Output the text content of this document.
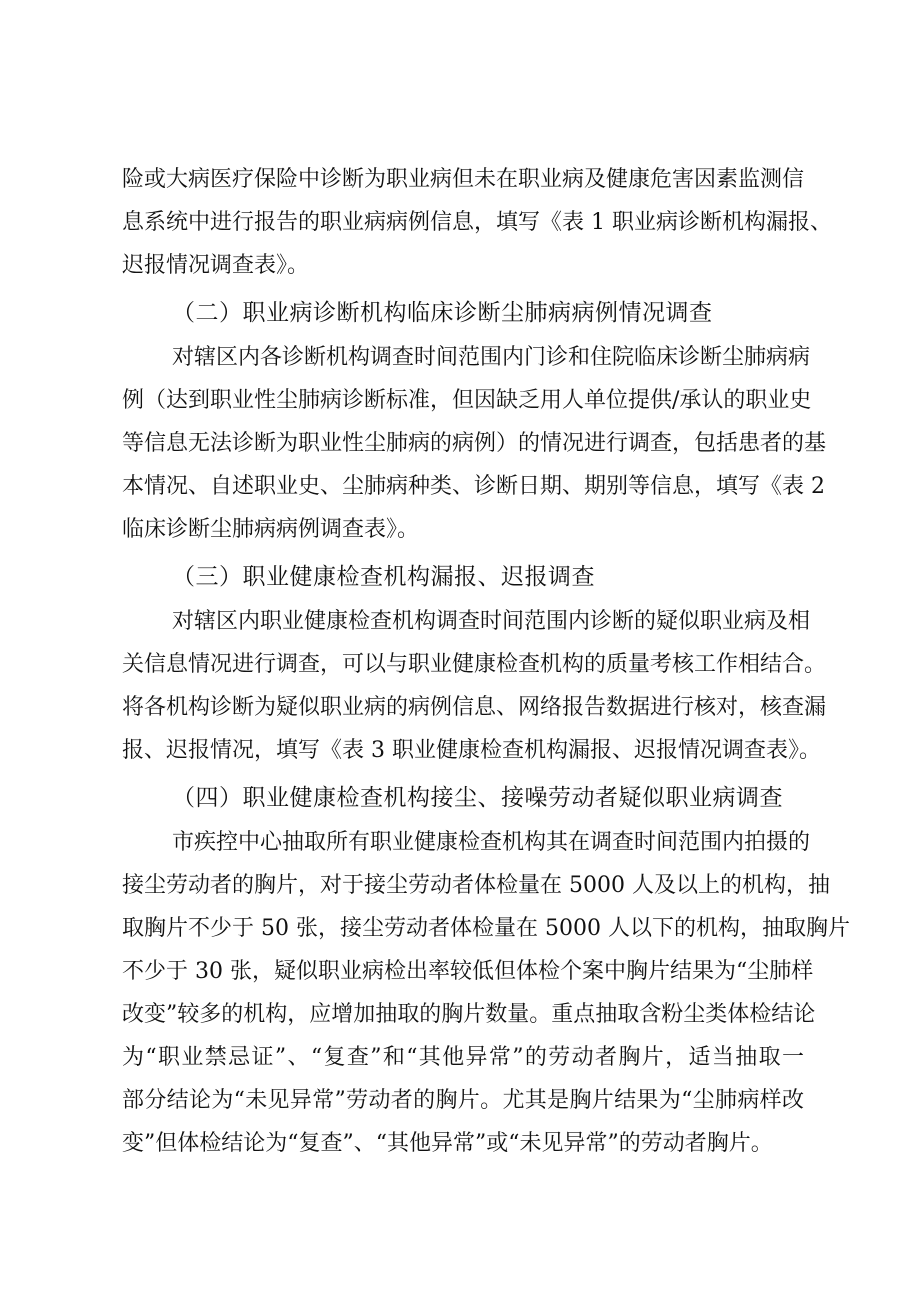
险或大病医疗保险中诊断为职业病但未在职业病及健康危害因素监测信
息系统中进行报告的职业病病例信息，填写《表 1 职业病诊断机构漏报、
迟报情况调查表》。
（二）职业病诊断机构临床诊断尘肺病病例情况调查
对辖区内各诊断机构调查时间范围内门诊和住院临床诊断尘肺病病
例（达到职业性尘肺病诊断标准，但因缺乏用人单位提供/承认的职业史
等信息无法诊断为职业性尘肺病的病例）的情况进行调查，包括患者的基
本情况、自述职业史、尘肺病种类、诊断日期、期别等信息，填写《表 2
临床诊断尘肺病病例调查表》。
（三）职业健康检查机构漏报、迟报调查
对辖区内职业健康检查机构调查时间范围内诊断的疑似职业病及相
关信息情况进行调查，可以与职业健康检查机构的质量考核工作相结合。
将各机构诊断为疑似职业病的病例信息、网络报告数据进行核对，核查漏
报、迟报情况，填写《表 3 职业健康检查机构漏报、迟报情况调查表》。
（四）职业健康检查机构接尘、接噪劳动者疑似职业病调查
市疾控中心抽取所有职业健康检查机构其在调查时间范围内拍摄的
接尘劳动者的胸片，对于接尘劳动者体检量在 5000 人及以上的机构，抽
取胸片不少于 50 张，接尘劳动者体检量在 5000 人以下的机构，抽取胸片
不少于 30 张，疑似职业病检出率较低但体检个案中胸片结果为“尘肺样
改变”较多的机构，应增加抽取的胸片数量。重点抽取含粉尘类体检结论
为“职业禁忌证”、“复查”和“其他异常”的劳动者胸片，适当抽取一
部分结论为“未见异常”劳动者的胸片。尤其是胸片结果为“尘肺病样改
变”但体检结论为“复查”、“其他异常”或“未见异常”的劳动者胸片。
